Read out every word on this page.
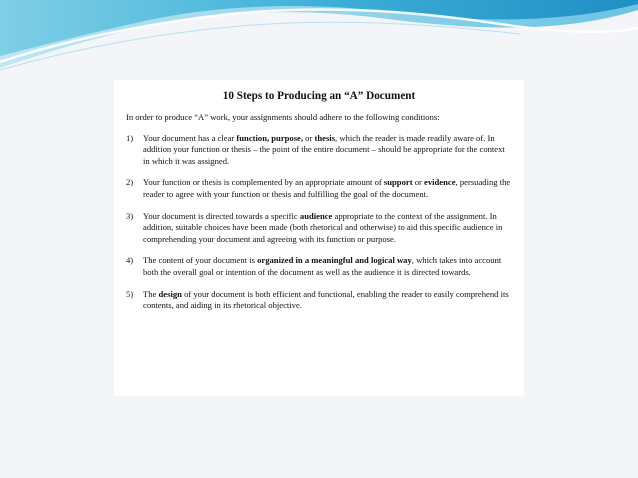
10 Steps to Producing an “A” Document

In order to produce “A” work, your assignments should adhere to the following conditions:

1)	Your document has a clear function, purpose, or thesis, which the reader is made readily aware of. In addition your function or thesis – the point of the entire document – should be appropriate for the context in which it was assigned.
2)	Your function or thesis is complemented by an appropriate amount of support or evidence, persuading the reader to agree with your function or thesis and fulfilling the goal of the document.
3)	Your document is directed towards a specific audience appropriate to the context of the assignment. In addition, suitable choices have been made (both rhetorical and otherwise) to aid this specific audience in comprehending your document and agreeing with its function or purpose.
4)	The content of your document is organized in a meaningful and logical way, which takes into account both the overall goal or intention of the document as well as the audience it is directed towards.
5)	The design of your document is both efficient and functional, enabling the reader to easily comprehend its contents, and aiding in its rhetorical objective.
